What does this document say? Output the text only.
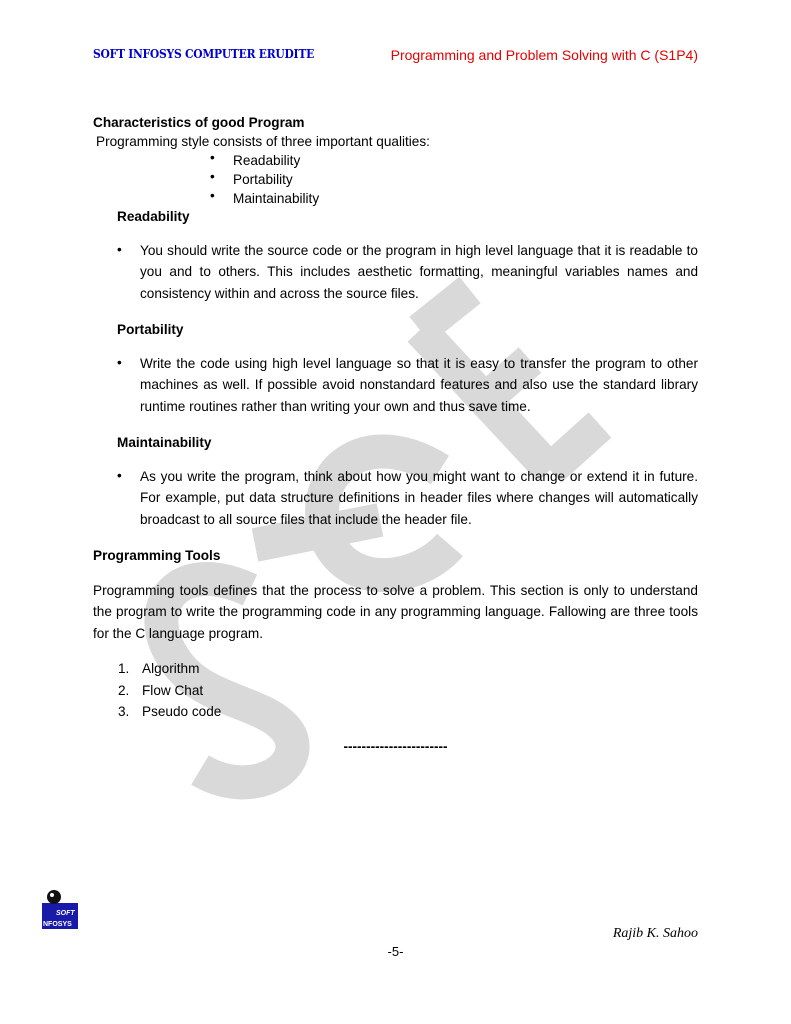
SOFT INFOSYS COMPUTER ERUDITE	Programming and Problem Solving with C (S1P4)
Characteristics of good Program
Programming style consists of three important qualities:
• Readability
• Portability
• Maintainability
Readability
• You should write the source code or the program in high level language that it is readable to you and to others. This includes aesthetic formatting, meaningful variables names and consistency within and across the source files.
Portability
• Write the code using high level language so that it is easy to transfer the program to other machines as well. If possible avoid nonstandard features and also use the standard library runtime routines rather than writing your own and thus save time.
Maintainability
• As you write the program, think about how you might want to change or extend it in future. For example, put data structure definitions in header files where changes will automatically broadcast to all source files that include the header file.
Programming Tools
Programming tools defines that the process to solve a problem. This section is only to understand the program to write the programming code in any programming language. Fallowing are three tools for the C language program.
1. Algorithm
2. Flow Chat
3. Pseudo code
-----------------------
SOFT
NFOSYS
Rajib K. Sahoo
-5-
